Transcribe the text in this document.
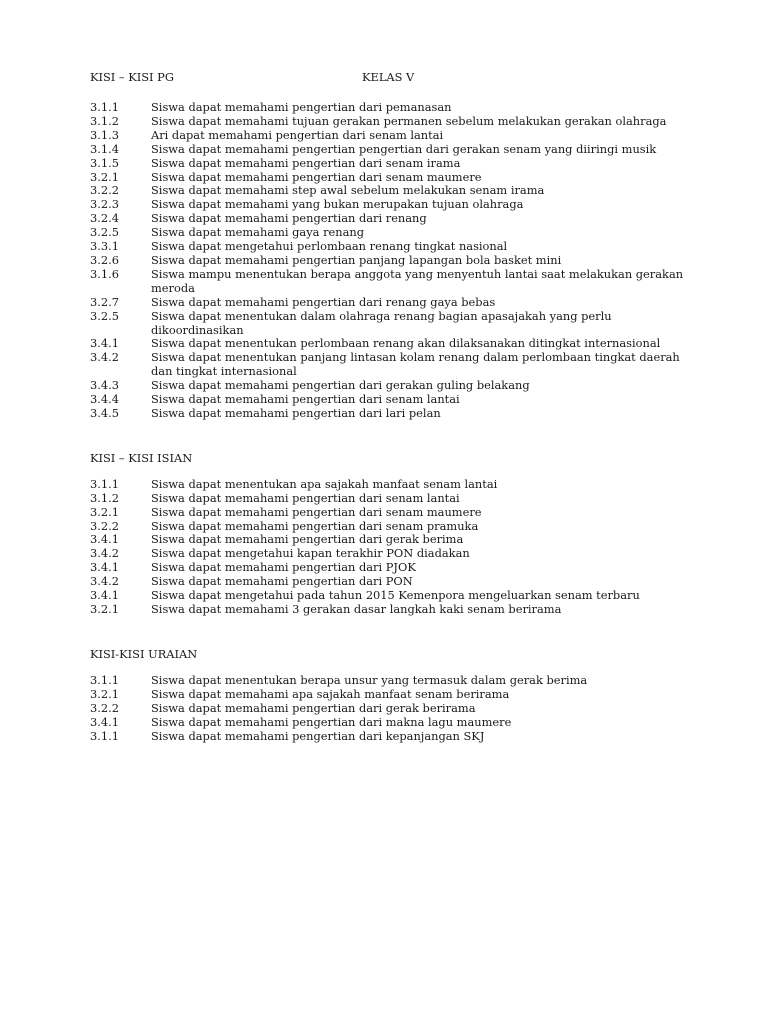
KISI – KISI PG	KELAS V
3.1.1	Siswa dapat memahami pengertian dari pemanasan
3.1.2	Siswa dapat memahami tujuan gerakan permanen sebelum melakukan gerakan olahraga
3.1.3	Ari dapat memahami pengertian dari senam lantai
3.1.4	Siswa dapat memahami pengertian pengertian dari gerakan senam yang diiringi musik
3.1.5	Siswa dapat memahami pengertian dari senam irama
3.2.1	Siswa dapat memahami pengertian dari senam maumere
3.2.2	Siswa dapat memahami step awal sebelum melakukan senam irama
3.2.3	Siswa dapat memahami yang bukan merupakan tujuan olahraga
3.2.4	Siswa dapat memahami pengertian dari renang
3.2.5	Siswa dapat memahami gaya renang
3.3.1	Siswa dapat mengetahui perlombaan renang tingkat nasional
3.2.6	Siswa dapat memahami pengertian panjang lapangan bola basket mini
3.1.6	Siswa mampu menentukan berapa anggota yang menyentuh lantai saat melakukan gerakan meroda
3.2.7	Siswa dapat memahami pengertian dari renang gaya bebas
3.2.5	Siswa dapat menentukan dalam olahraga renang bagian apasajakah yang perlu dikoordinasikan
3.4.1	Siswa dapat menentukan perlombaan renang akan dilaksanakan ditingkat internasional
3.4.2	Siswa dapat menentukan panjang lintasan kolam renang dalam perlombaan tingkat daerah dan tingkat internasional
3.4.3	Siswa dapat memahami pengertian dari gerakan guling belakang
3.4.4	Siswa dapat memahami pengertian dari senam lantai
3.4.5	Siswa dapat memahami pengertian dari lari pelan
KISI – KISI ISIAN
3.1.1	Siswa dapat menentukan apa sajakah manfaat senam lantai
3.1.2	Siswa dapat memahami pengertian dari senam lantai
3.2.1	Siswa dapat memahami pengertian dari senam maumere
3.2.2	Siswa dapat memahami pengertian dari senam pramuka
3.4.1	Siswa dapat memahami pengertian dari gerak berima
3.4.2	Siswa dapat mengetahui kapan terakhir PON diadakan
3.4.1	Siswa dapat memahami pengertian dari PJOK
3.4.2	Siswa dapat memahami pengertian dari PON
3.4.1	Siswa dapat mengetahui pada tahun 2015 Kemenpora mengeluarkan senam terbaru
3.2.1	Siswa dapat memahami 3 gerakan dasar langkah kaki senam berirama
KISI-KISI URAIAN
3.1.1	Siswa dapat menentukan berapa unsur yang termasuk dalam gerak berima
3.2.1	Siswa dapat memahami apa sajakah manfaat senam berirama
3.2.2	Siswa dapat memahami pengertian dari gerak berirama
3.4.1	Siswa dapat memahami pengertian dari makna lagu maumere
3.1.1	Siswa dapat memahami pengertian dari kepanjangan SKJ
